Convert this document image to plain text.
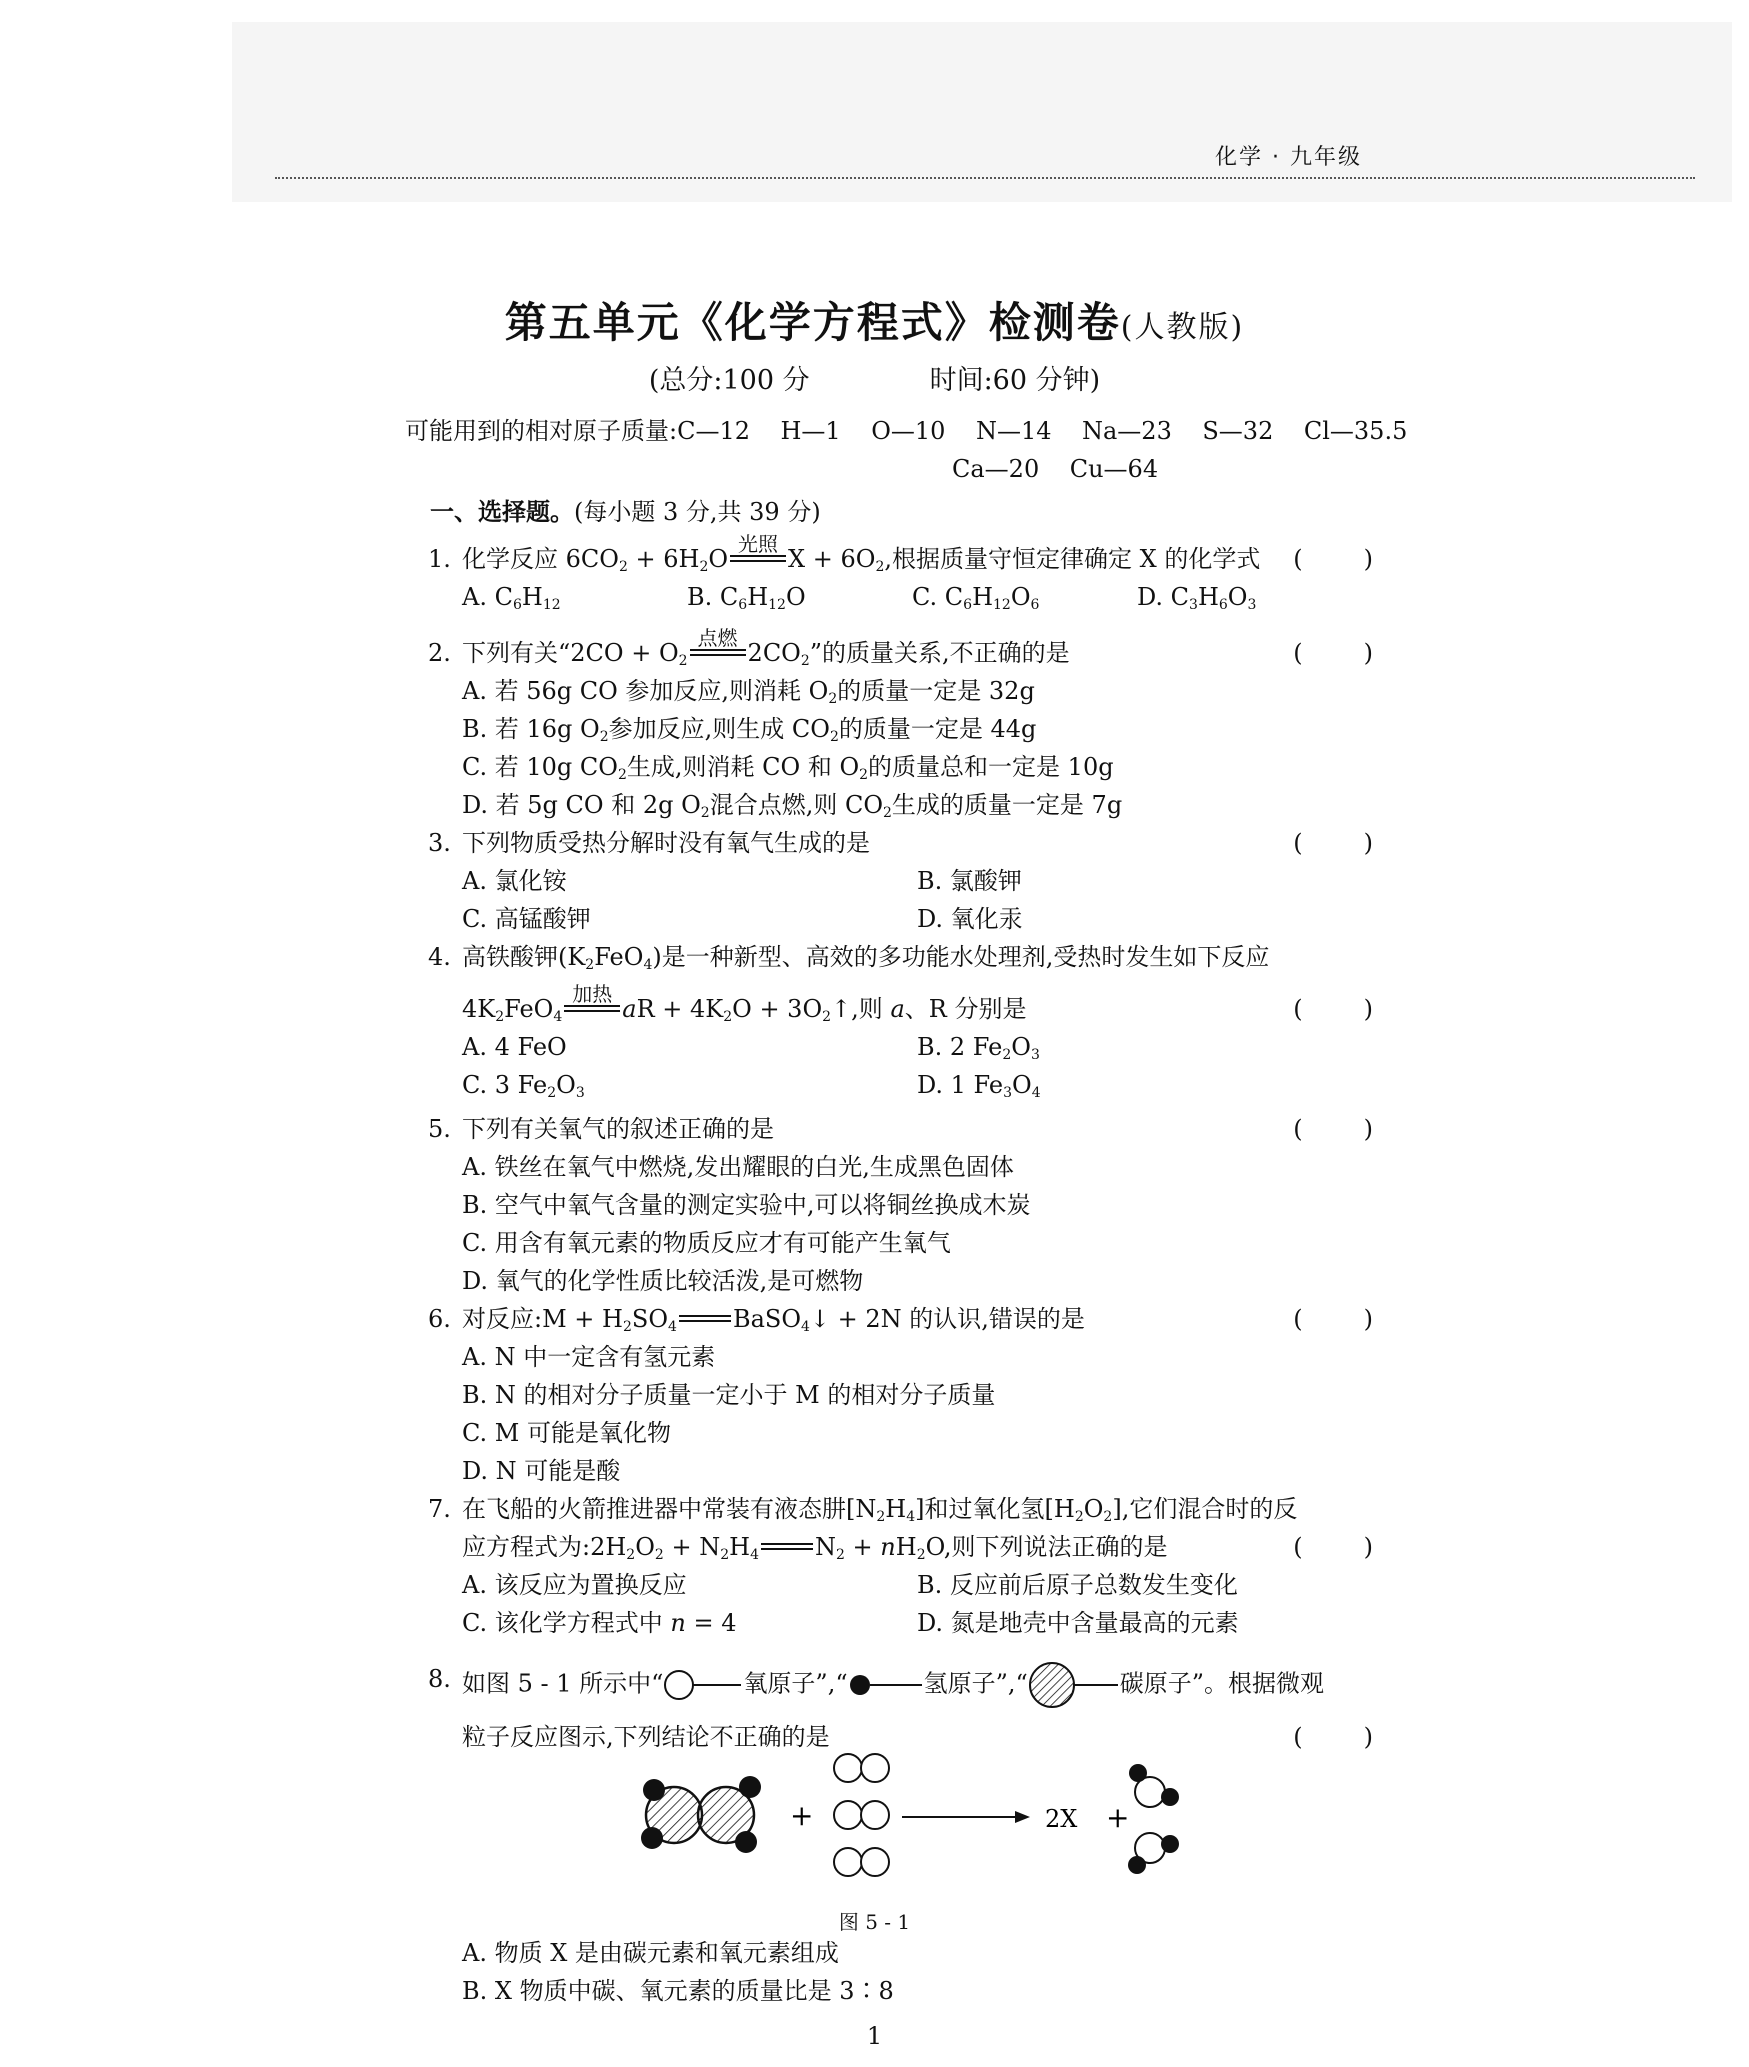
化学 · 九年级
第五单元《化学方程式》检测卷(人教版)
(总分:100 分	时间:60 分钟)
可能用到的相对原子质量:C—12    H—1    O—10    N—14    Na—23    S—32    Cl—35.5
Ca—20    Cu—64
一、选择题。(每小题 3 分,共 39 分)
1. 化学反应 $6CO_2 + 6H_2O$
光照
$X + 6O_2$,根据质量守恒定律确定 X 的化学式 (        )
A. $C_6H_{12}$	B. $C_6H_{12}O$	C. $C_6H_{12}O_6$	D. $C_3H_6O_3$
2. 下列有关“$2CO + O_2$
点燃
$2CO_2$”的质量关系,不正确的是	(        )
A. 若 56g CO 参加反应,则消耗 $O_2$的质量一定是 32g
B. 若 16g $O_2$参加反应,则生成 $CO_2$的质量一定是 44g
C. 若 10g $CO_2$生成,则消耗 CO 和 $O_2$的质量总和一定是 10g
D. 若 5g CO 和 2g $O_2$混合点燃,则 $CO_2$生成的质量一定是 7g
3. 下列物质受热分解时没有氧气生成的是	(        )
A. 氯化铵	B. 氯酸钾
C. 高锰酸钾	D. 氧化汞
4. 高铁酸钾$(K_2FeO_4)$是一种新型、高效的多功能水处理剂,受热时发生如下反应
$4K_2FeO_4$
加热
aR + $4K_2O$ + $3O_2↑$,则 a、R 分别是	(        )
A. 4 FeO	B. 2 $Fe_2O_3$
C. 3 $Fe_2O_3$	D. 1 $Fe_3O_4$
5. 下列有关氧气的叙述正确的是	(        )
A. 铁丝在氧气中燃烧,发出耀眼的白光,生成黑色固体
B. 空气中氧气含量的测定实验中,可以将铜丝换成木炭
C. 用含有氧元素的物质反应才有可能产生氧气
D. 氧气的化学性质比较活泼,是可燃物
6. 对反应:M + $H_2SO_4$ BaSO$_4$↓ + 2N 的认识,错误的是	(        )
A. N 中一定含有氢元素
B. N 的相对分子质量一定小于 M 的相对分子质量
C. M 可能是氧化物
D. N 可能是酸
7. 在飞船的火箭推进器中常装有液态肼$[N_2H_4]$和过氧化氢$[H_2O_2]$,它们混合时的反
应方程式为$:2H_2O_2 + N_2H_4$ $N_2 + nH_2O$,则下列说法正确的是	(        )
A. 该反应为置换反应	B. 反应前后原子总数发生变化
C. 该化学方程式中 n = 4	D. 氮是地壳中含量最高的元素
8. 如图 5 - 1 所示中“	氧原子”,“	氢原子”,“	碳原子”。根据微观
粒子反应图示,下列结论不正确的是	(        )
+	2X +
图 5 - 1
A. 物质 X 是由碳元素和氧元素组成
B. X 物质中碳、氧元素的质量比是 3∶8
1
